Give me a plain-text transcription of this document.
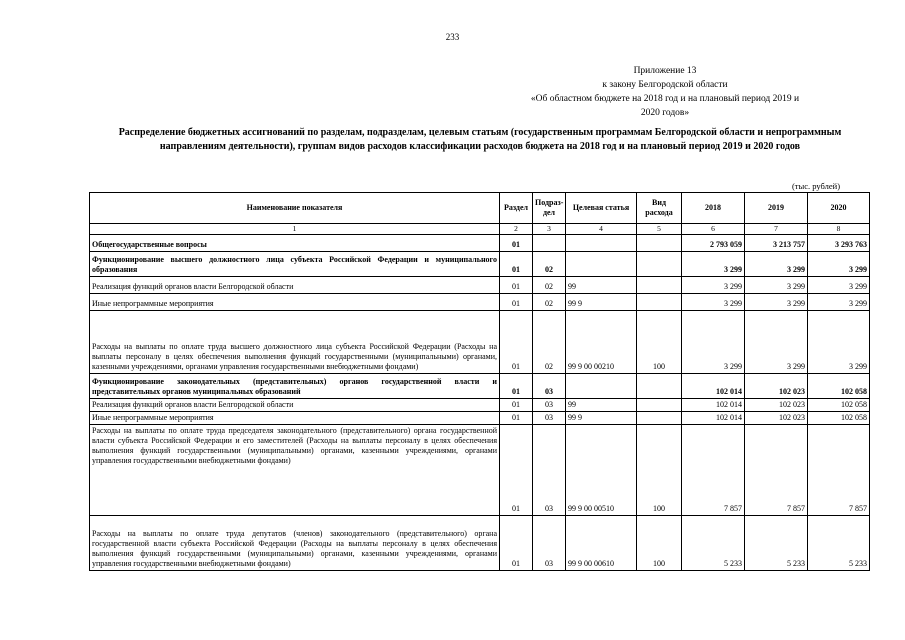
233
Приложение 13
к закону Белгородской области
«Об областном бюджете на 2018 год и на плановый период 2019 и
2020 годов»
Распределение бюджетных ассигнований по разделам, подразделам, целевым статьям (государственным программам Белгородской области и непрограммным направлениям деятельности), группам видов расходов классификации расходов бюджета на 2018 год и на плановый период 2019 и 2020 годов
(тыс. рублей)
Наименование показателя	Раздел	Подраз- дел	Целевая статья	Вид расхода	2018	2019	2020
1	2	3	4	5	6	7	8
Общегосударственные вопросы	01				2 793 059	3 213 757	3 293 763
Функционирование высшего должностного лица субъекта Российской Федерации и муниципального образования	01	02			3 299	3 299	3 299
Реализация функций органов власти Белгородской области	01	02	99		3 299	3 299	3 299
Иные непрограммные мероприятия	01	02	99 9		3 299	3 299	3 299
Расходы на выплаты по оплате труда высшего должностного лица субъекта Российской Федерации (Расходы на выплаты персоналу в целях обеспечения выполнения функций государственными (муниципальными) органами, казенными учреждениями, органами управления государственными внебюджетными фондами)	01	02	99 9 00 00210	100	3 299	3 299	3 299
Функционирование законодательных (представительных) органов государственной власти и представительных органов муниципальных образований	01	03			102 014	102 023	102 058
Реализация функций органов власти Белгородской области	01	03	99		102 014	102 023	102 058
Иные непрограммные мероприятия	01	03	99 9		102 014	102 023	102 058
Расходы на выплаты по оплате труда председателя законодательного (представительного) органа государственной власти субъекта Российской Федерации и его заместителей (Расходы на выплаты персоналу в целях обеспечения выполнения функций государственными (муниципальными) органами, казенными учреждениями, органами управления государственными внебюджетными фондами)	01	03	99 9 00 00510	100	7 857	7 857	7 857
Расходы на выплаты по оплате труда депутатов (членов) законодательного (представительного) органа государственной власти субъекта Российской Федерации (Расходы на выплаты персоналу в целях обеспечения выполнения функций государственными (муниципальными) органами, казенными учреждениями, органами управления государственными внебюджетными фондами)	01	03	99 9 00 00610	100	5 233	5 233	5 233
